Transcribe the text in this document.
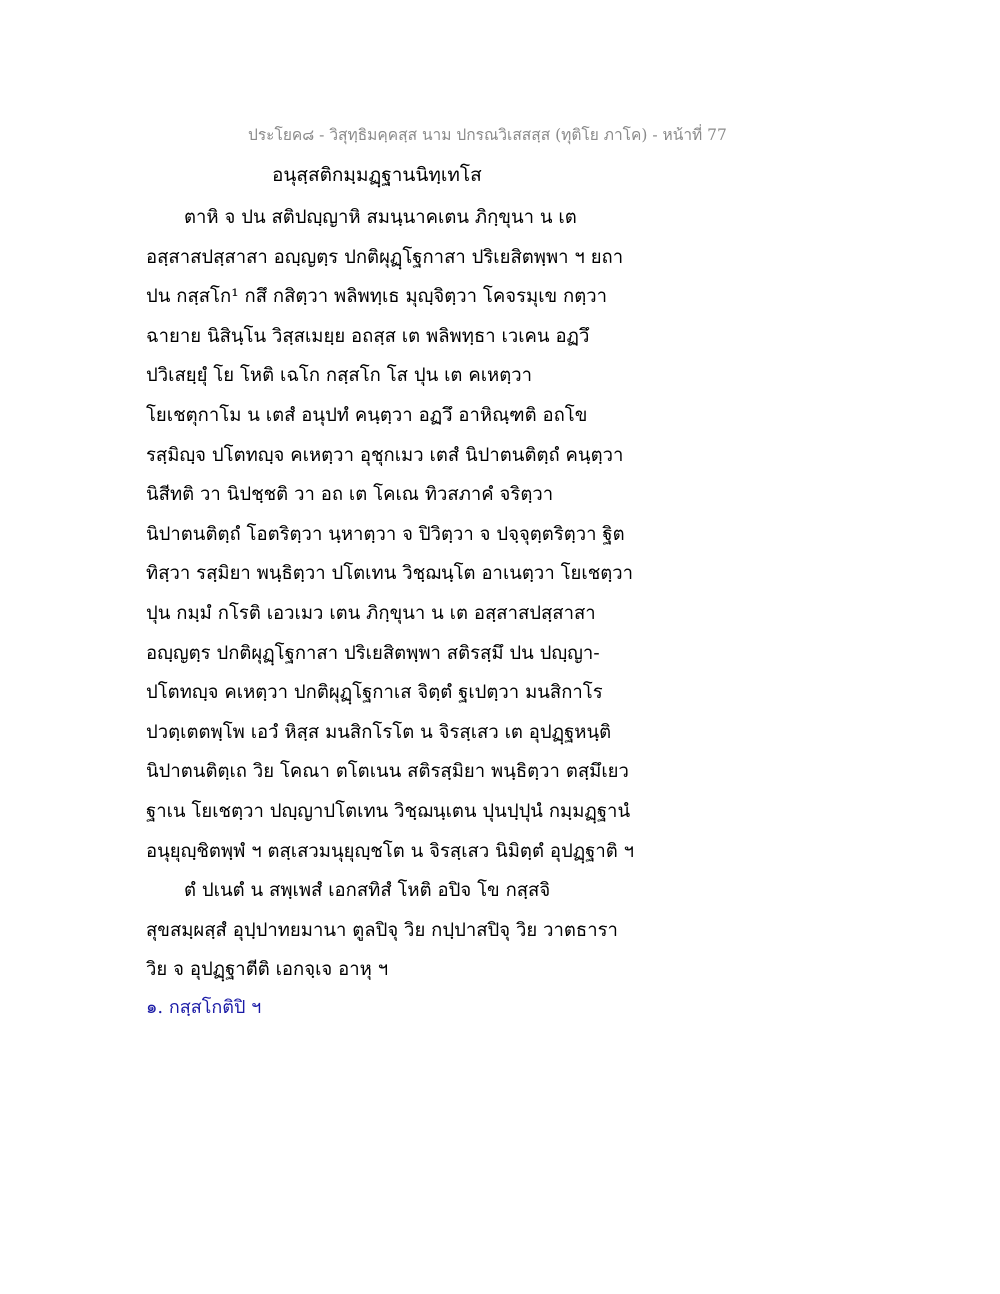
ประโยค๘ - วิสุทฺธิมคฺคสฺส นาม ปกรณวิเสสสฺส (ทุติโย ภาโค) - หน้าที่ 77
อนุสฺสติกมฺมฏฺฐานนิทฺเทโส
ตาหิ จ ปน สติปญฺญาหิ สมนฺนาคเตน ภิกฺขุนา น เต
อสฺสาสปสฺสาสา อญฺญตฺร ปกติผุฏฺโฐกาสา ปริเยสิตพฺพา ฯ ยถา
ปน กสฺสโก¹ กสึ กสิตฺวา พลิพทฺเธ มุญฺจิตฺวา โคจรมุเข กตฺวา
ฉายาย นิสินฺโน วิสฺสเมยฺย อถสฺส เต พลิพทฺธา เวเคน อฏวึ
ปวิเสยฺยุํ โย โหติ เฉโก กสฺสโก โส ปุน เต คเหตฺวา
โยเชตุกาโม น เตสํ อนุปทํ คนฺตฺวา อฏวึ อาหิณฺฑติ อถโข
รสฺมิญฺจ ปโตทญฺจ คเหตฺวา อุชุกเมว เตสํ นิปาตนติตฺถํ คนฺตฺวา
นิสีทติ วา นิปชฺชติ วา อถ เต โคเณ ทิวสภาคํ จริตฺวา
นิปาตนติตฺถํ โอตริตฺวา นฺหาตฺวา จ ปิวิตฺวา จ ปจฺจุตฺตริตฺวา ฐิต
ทิสฺวา รสฺมิยา พนฺธิตฺวา ปโตเทน วิชฺฌนฺโต อาเนตฺวา โยเชตฺวา
ปุน กมฺมํ กโรติ เอวเมว เตน ภิกฺขุนา น เต อสฺสาสปสฺสาสา
อญฺญตฺร ปกติผุฏฺโฐกาสา ปริเยสิตพฺพา สติรสฺมึ ปน ปญฺญา-
ปโตทญฺจ คเหตฺวา ปกติผุฏฺโฐกาเส จิตฺตํ ฐเปตฺวา มนสิกาโร
ปวตฺเตตพฺโพ เอวํ หิสฺส มนสิกโรโต น จิรสฺเสว เต อุปฏฺฐหนฺติ
นิปาตนติตฺเถ วิย โคณา ตโตเนน สติรสฺมิยา พนฺธิตฺวา ตสฺมึเยว
ฐาเน โยเชตฺวา ปญฺญาปโตเทน วิชฺฌนฺเตน ปุนปฺปุนํ กมฺมฏฺฐานํ
อนุยุญฺชิตพฺพํ ฯ ตสฺเสวมนุยุญฺชโต น จิรสฺเสว นิมิตฺตํ อุปฏฺฐาติ ฯ
ตํ ปเนตํ น สพฺเพสํ เอกสทิสํ โหติ อปิจ โข กสฺสจิ
สุขสมฺผสฺสํ อุปฺปาทยมานา ตูลปิจุ วิย กปฺปาสปิจุ วิย วาตธารา
วิย จ อุปฏฺฐาตีติ เอกจฺเจ อาหุ ฯ
๑. กสฺสโกติปิ ฯ
